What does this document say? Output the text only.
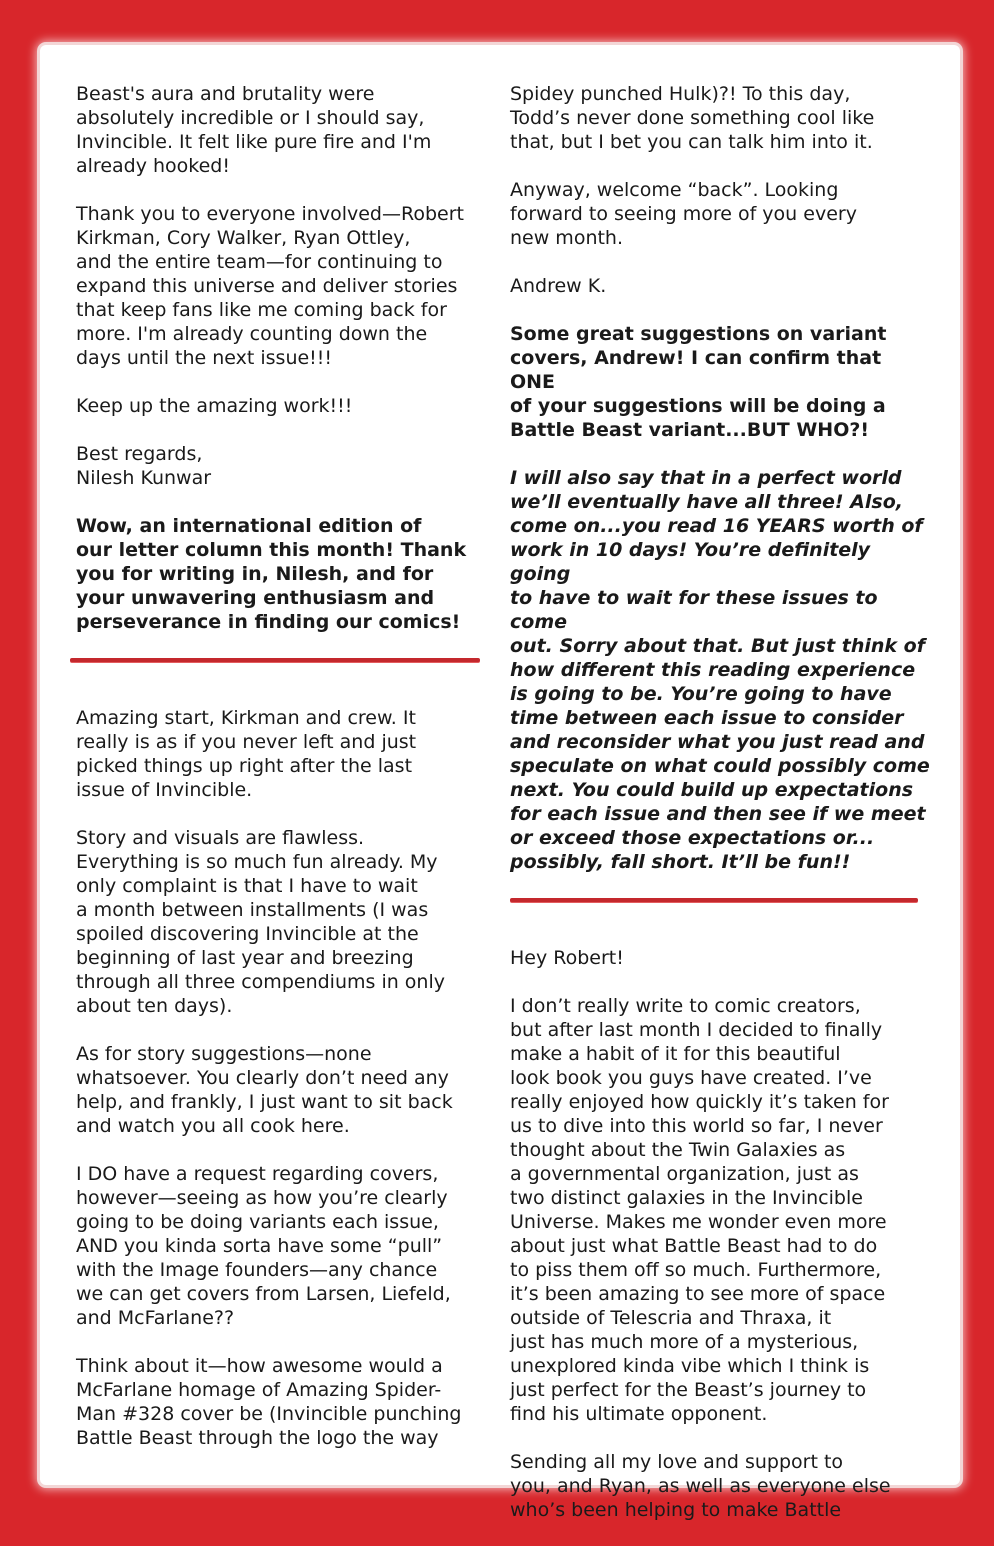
Beast's aura and brutality were
absolutely incredible or I should say,
Invincible. It felt like pure fire and I'm
already hooked!

Thank you to everyone involved—Robert
Kirkman, Cory Walker, Ryan Ottley,
and the entire team—for continuing to
expand this universe and deliver stories
that keep fans like me coming back for
more. I'm already counting down the
days until the next issue!!!

Keep up the amazing work!!!

Best regards,
Nilesh Kunwar

Wow, an international edition of
our letter column this month! Thank
you for writing in, Nilesh, and for
your unwavering enthusiasm and
perseverance in finding our comics!

Amazing start, Kirkman and crew. It
really is as if you never left and just
picked things up right after the last
issue of Invincible.

Story and visuals are flawless.
Everything is so much fun already. My
only complaint is that I have to wait
a month between installments (I was
spoiled discovering Invincible at the
beginning of last year and breezing
through all three compendiums in only
about ten days).

As for story suggestions—none
whatsoever. You clearly don’t need any
help, and frankly, I just want to sit back
and watch you all cook here.

I DO have a request regarding covers,
however—seeing as how you’re clearly
going to be doing variants each issue,
AND you kinda sorta have some “pull”
with the Image founders—any chance
we can get covers from Larsen, Liefeld,
and McFarlane??

Think about it—how awesome would a
McFarlane homage of Amazing Spider-
Man #328 cover be (Invincible punching
Battle Beast through the logo the way

Spidey punched Hulk)?! To this day,
Todd’s never done something cool like
that, but I bet you can talk him into it.

Anyway, welcome “back”. Looking
forward to seeing more of you every
new month.

Andrew K.

Some great suggestions on variant
covers, Andrew! I can confirm that ONE
of your suggestions will be doing a
Battle Beast variant...BUT WHO?!

I will also say that in a perfect world
we’ll eventually have all three! Also,
come on...you read 16 YEARS worth of
work in 10 days! You’re definitely going
to have to wait for these issues to come
out. Sorry about that. But just think of
how different this reading experience
is going to be. You’re going to have
time between each issue to consider
and reconsider what you just read and
speculate on what could possibly come
next. You could build up expectations
for each issue and then see if we meet
or exceed those expectations or...
possibly, fall short. It’ll be fun!!

Hey Robert!

I don’t really write to comic creators,
but after last month I decided to finally
make a habit of it for this beautiful
look book you guys have created. I’ve
really enjoyed how quickly it’s taken for
us to dive into this world so far, I never
thought about the Twin Galaxies as
a governmental organization, just as
two distinct galaxies in the Invincible
Universe. Makes me wonder even more
about just what Battle Beast had to do
to piss them off so much. Furthermore,
it’s been amazing to see more of space
outside of Telescria and Thraxa, it
just has much more of a mysterious,
unexplored kinda vibe which I think is
just perfect for the Beast’s journey to
find his ultimate opponent.

Sending all my love and support to
you, and Ryan, as well as everyone else
who’s been helping to make Battle
